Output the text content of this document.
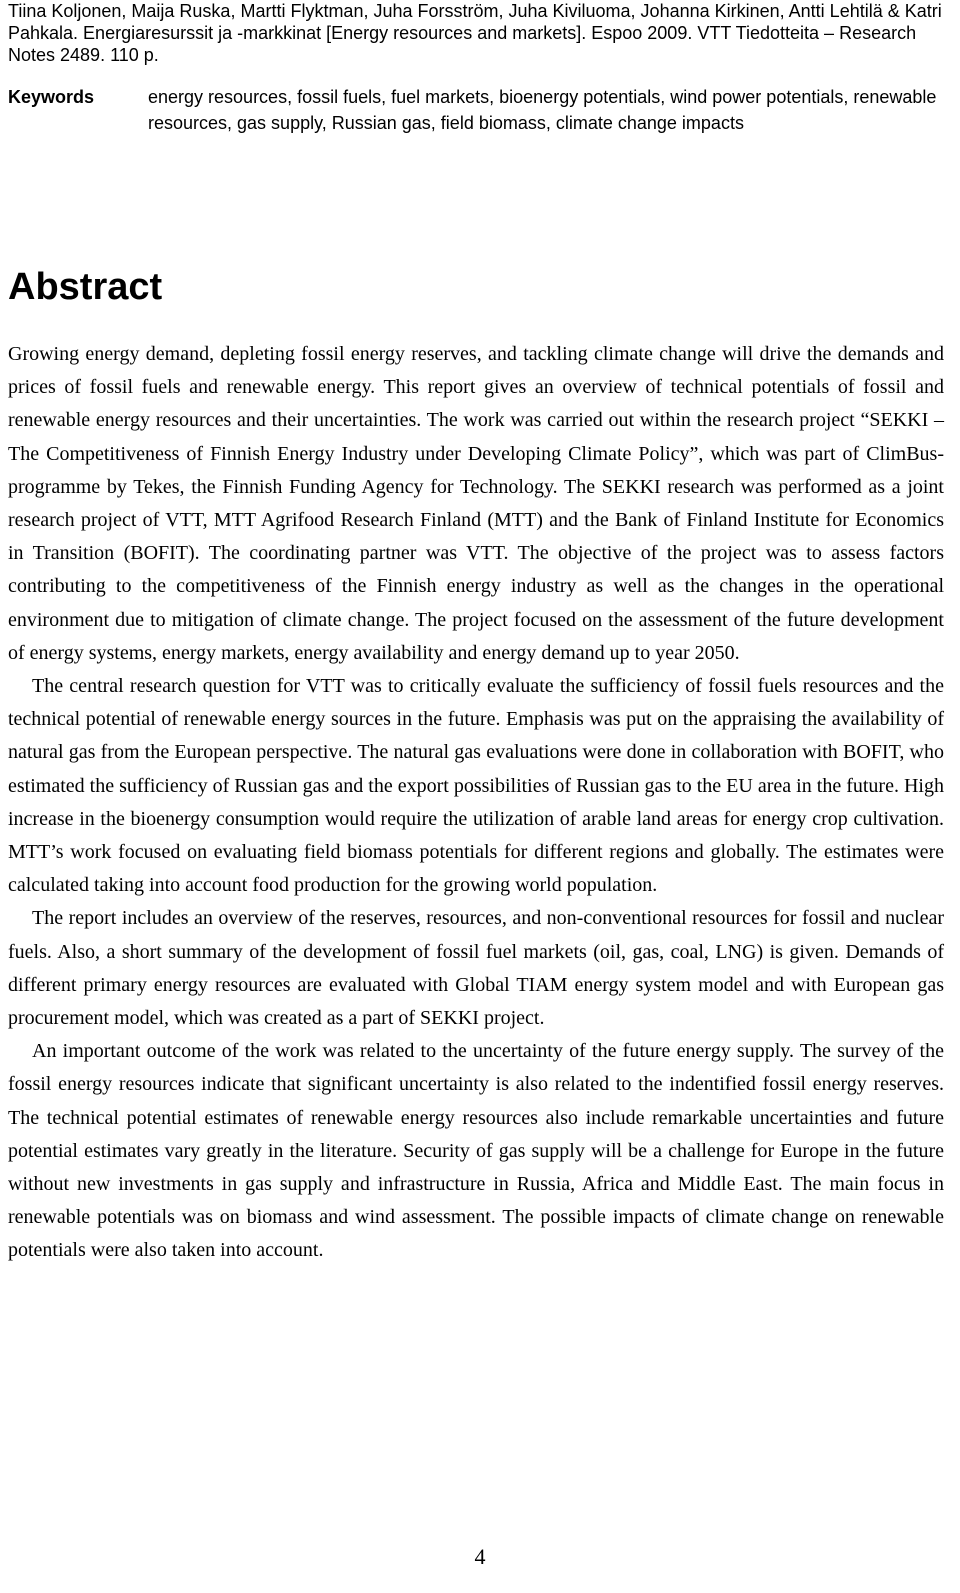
Tiina Koljonen, Maija Ruska, Martti Flyktman, Juha Forsström, Juha Kiviluoma, Johanna Kirkinen, Antti Lehtilä & Katri Pahkala. Energiaresurssit ja -markkinat [Energy resources and markets]. Espoo 2009. VTT Tiedotteita – Research Notes 2489. 110 p.

Keywords	energy resources, fossil fuels, fuel markets, bioenergy potentials, wind power potentials, renewable resources, gas supply, Russian gas, field biomass, climate change impacts

Abstract

Growing energy demand, depleting fossil energy reserves, and tackling climate change will drive the demands and prices of fossil fuels and renewable energy. This report gives an overview of technical potentials of fossil and renewable energy resources and their uncertainties. The work was carried out within the research project “SEKKI – The Competitiveness of Finnish Energy Industry under Developing Climate Policy”, which was part of ClimBus-programme by Tekes, the Finnish Funding Agency for Technology. The SEKKI research was performed as a joint research project of VTT, MTT Agrifood Research Finland (MTT) and the Bank of Finland Institute for Economics in Transition (BOFIT). The coordinating partner was VTT. The objective of the project was to assess factors contributing to the competitiveness of the Finnish energy industry as well as the changes in the operational environment due to mitigation of climate change. The project focused on the assessment of the future development of energy systems, energy markets, energy availability and energy demand up to year 2050.

The central research question for VTT was to critically evaluate the sufficiency of fossil fuels resources and the technical potential of renewable energy sources in the future. Emphasis was put on the appraising the availability of natural gas from the European perspective. The natural gas evaluations were done in collaboration with BOFIT, who estimated the sufficiency of Russian gas and the export possibilities of Russian gas to the EU area in the future. High increase in the bioenergy consumption would require the utilization of arable land areas for energy crop cultivation. MTT’s work focused on evaluating field biomass potentials for different regions and globally. The estimates were calculated taking into account food production for the growing world population.

The report includes an overview of the reserves, resources, and non-conventional resources for fossil and nuclear fuels. Also, a short summary of the development of fossil fuel markets (oil, gas, coal, LNG) is given. Demands of different primary energy resources are evaluated with Global TIAM energy system model and with European gas procurement model, which was created as a part of SEKKI project.

An important outcome of the work was related to the uncertainty of the future energy supply. The survey of the fossil energy resources indicate that significant uncertainty is also related to the indentified fossil energy reserves. The technical potential estimates of renewable energy resources also include remarkable uncertainties and future potential estimates vary greatly in the literature. Security of gas supply will be a challenge for Europe in the future without new investments in gas supply and infrastructure in Russia, Africa and Middle East. The main focus in renewable potentials was on biomass and wind assessment. The possible impacts of climate change on renewable potentials were also taken into account.

4
